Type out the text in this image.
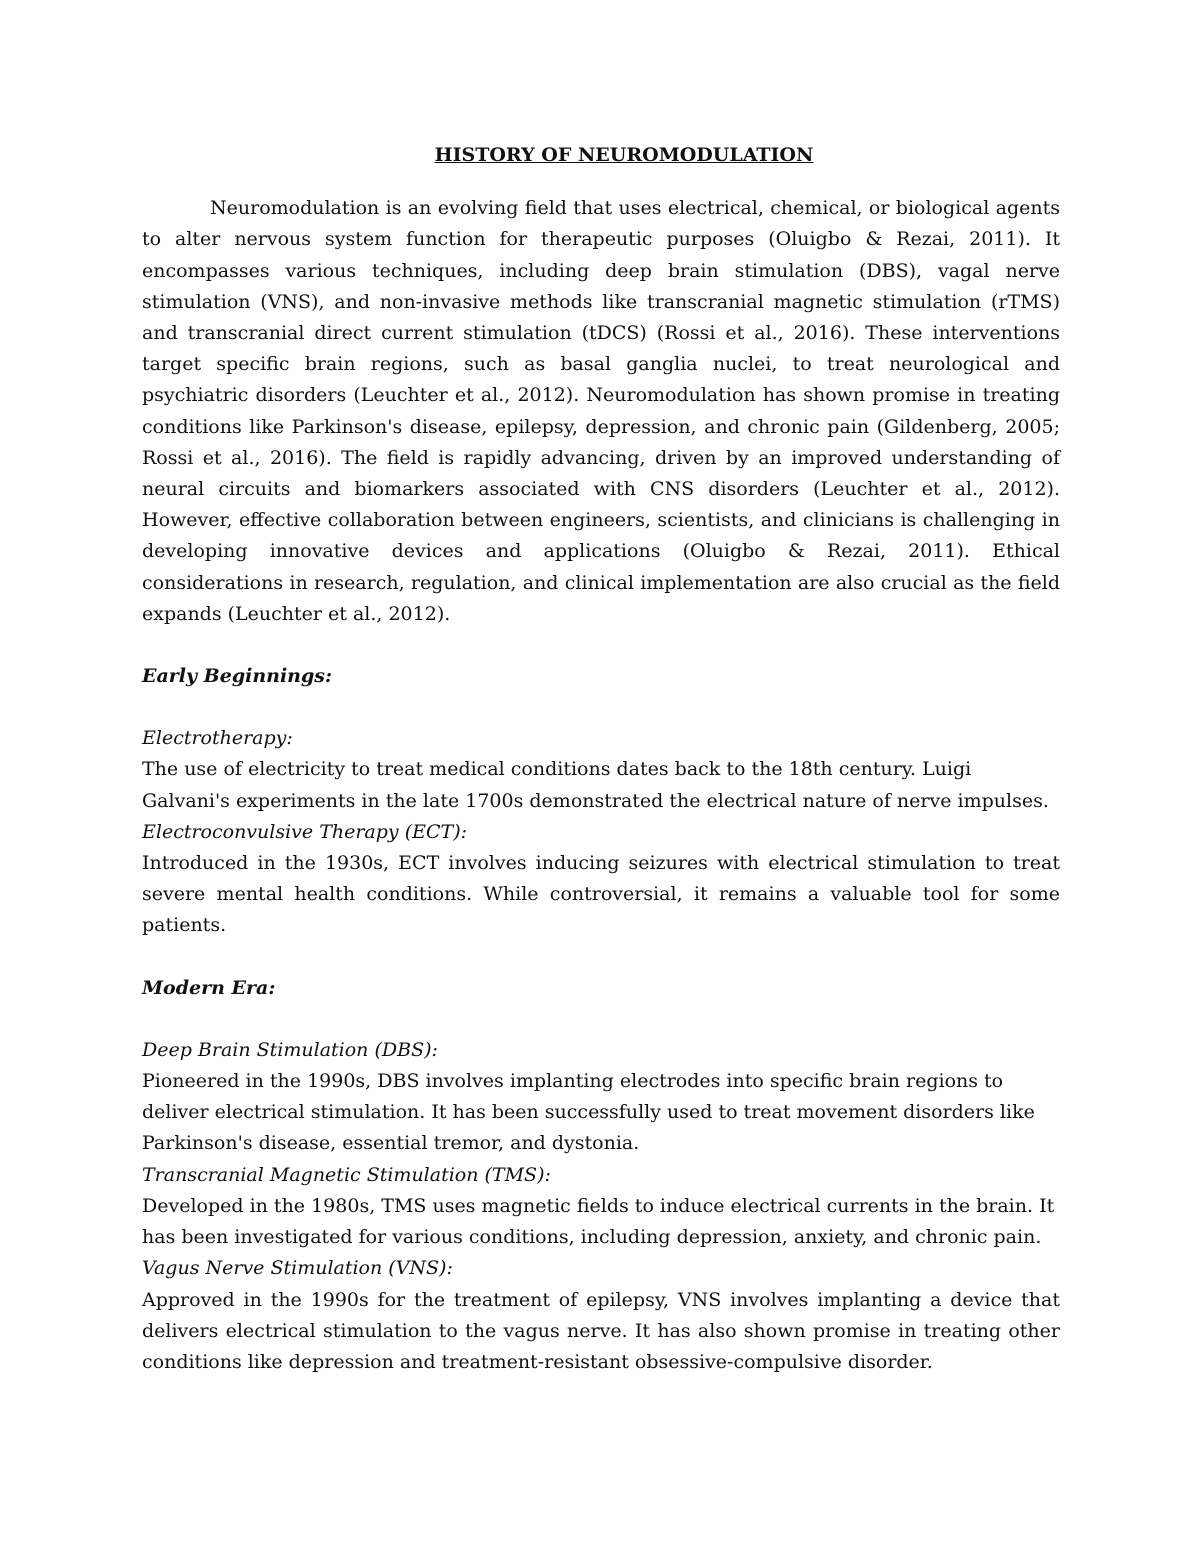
HISTORY OF NEUROMODULATION

Neuromodulation is an evolving field that uses electrical, chemical, or biological agents to alter nervous system function for therapeutic purposes (Oluigbo & Rezai, 2011). It encompasses various techniques, including deep brain stimulation (DBS), vagal nerve stimulation (VNS), and non-invasive methods like transcranial magnetic stimulation (rTMS) and transcranial direct current stimulation (tDCS) (Rossi et al., 2016). These interventions target specific brain regions, such as basal ganglia nuclei, to treat neurological and psychiatric disorders (Leuchter et al., 2012). Neuromodulation has shown promise in treating conditions like Parkinson's disease, epilepsy, depression, and chronic pain (Gildenberg, 2005; Rossi et al., 2016). The field is rapidly advancing, driven by an improved understanding of neural circuits and biomarkers associated with CNS disorders (Leuchter et al., 2012). However, effective collaboration between engineers, scientists, and clinicians is challenging in developing innovative devices and applications (Oluigbo & Rezai, 2011). Ethical considerations in research, regulation, and clinical implementation are also crucial as the field expands (Leuchter et al., 2012).

Early Beginnings:

Electrotherapy:

The use of electricity to treat medical conditions dates back to the 18th century. Luigi Galvani's experiments in the late 1700s demonstrated the electrical nature of nerve impulses.

Electroconvulsive Therapy (ECT):

Introduced in the 1930s, ECT involves inducing seizures with electrical stimulation to treat severe mental health conditions. While controversial, it remains a valuable tool for some patients.

Modern Era:

Deep Brain Stimulation (DBS):

Pioneered in the 1990s, DBS involves implanting electrodes into specific brain regions to deliver electrical stimulation. It has been successfully used to treat movement disorders like Parkinson's disease, essential tremor, and dystonia.

Transcranial Magnetic Stimulation (TMS):

Developed in the 1980s, TMS uses magnetic fields to induce electrical currents in the brain. It has been investigated for various conditions, including depression, anxiety, and chronic pain.

Vagus Nerve Stimulation (VNS):

Approved in the 1990s for the treatment of epilepsy, VNS involves implanting a device that delivers electrical stimulation to the vagus nerve. It has also shown promise in treating other conditions like depression and treatment-resistant obsessive-compulsive disorder.
